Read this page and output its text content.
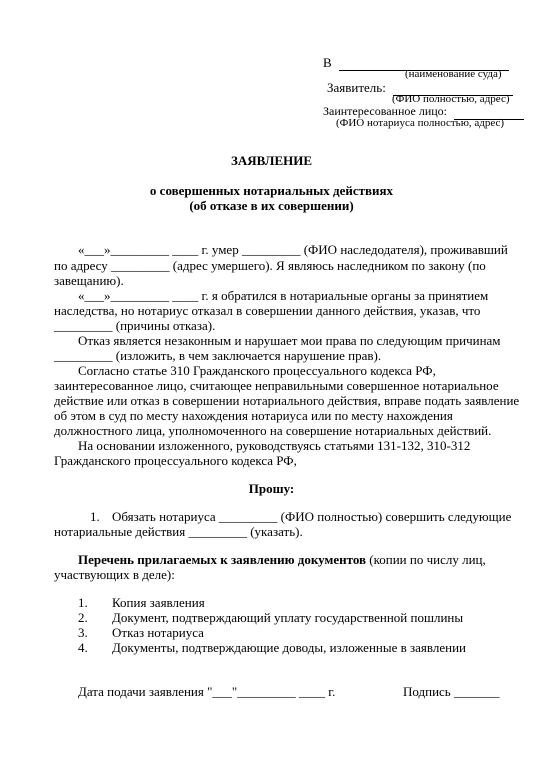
В
(наименование суда)
Заявитель:
(ФИО полностью, адрес)
Заинтересованное лицо:
(ФИО нотариуса полностью, адрес)
ЗАЯВЛЕНИЕ
о совершенных нотариальных действиях
(об отказе в их совершении)
«___»_________ ____ г. умер _________ (ФИО наследодателя), проживавший
по адресу _________ (адрес умершего). Я являюсь наследником по закону (по
завещанию).
«___»_________ ____ г. я обратился в нотариальные органы за принятием
наследства, но нотариус отказал в совершении данного действия, указав, что
_________ (причины отказа).
Отказ является незаконным и нарушает мои права по следующим причинам
_________ (изложить, в чем заключается нарушение прав).
Согласно статье 310 Гражданского процессуального кодекса РФ,
заинтересованное лицо, считающее неправильными совершенное нотариальное
действие или отказ в совершении нотариального действия, вправе подать заявление
об этом в суд по месту нахождения нотариуса или по месту нахождения
должностного лица, уполномоченного на совершение нотариальных действий.
На основании изложенного, руководствуясь статьями 131-132, 310-312
Гражданского процессуального кодекса РФ,
Прошу:
1. Обязать нотариуса _________ (ФИО полностью) совершить следующие
нотариальные действия _________ (указать).
Перечень прилагаемых к заявлению документов (копии по числу лиц,
участвующих в деле):
1. Копия заявления
2. Документ, подтверждающий уплату государственной пошлины
3. Отказ нотариуса
4. Документы, подтверждающие доводы, изложенные в заявлении
Дата подачи заявления "___"_________ ____ г.	Подпись _______
